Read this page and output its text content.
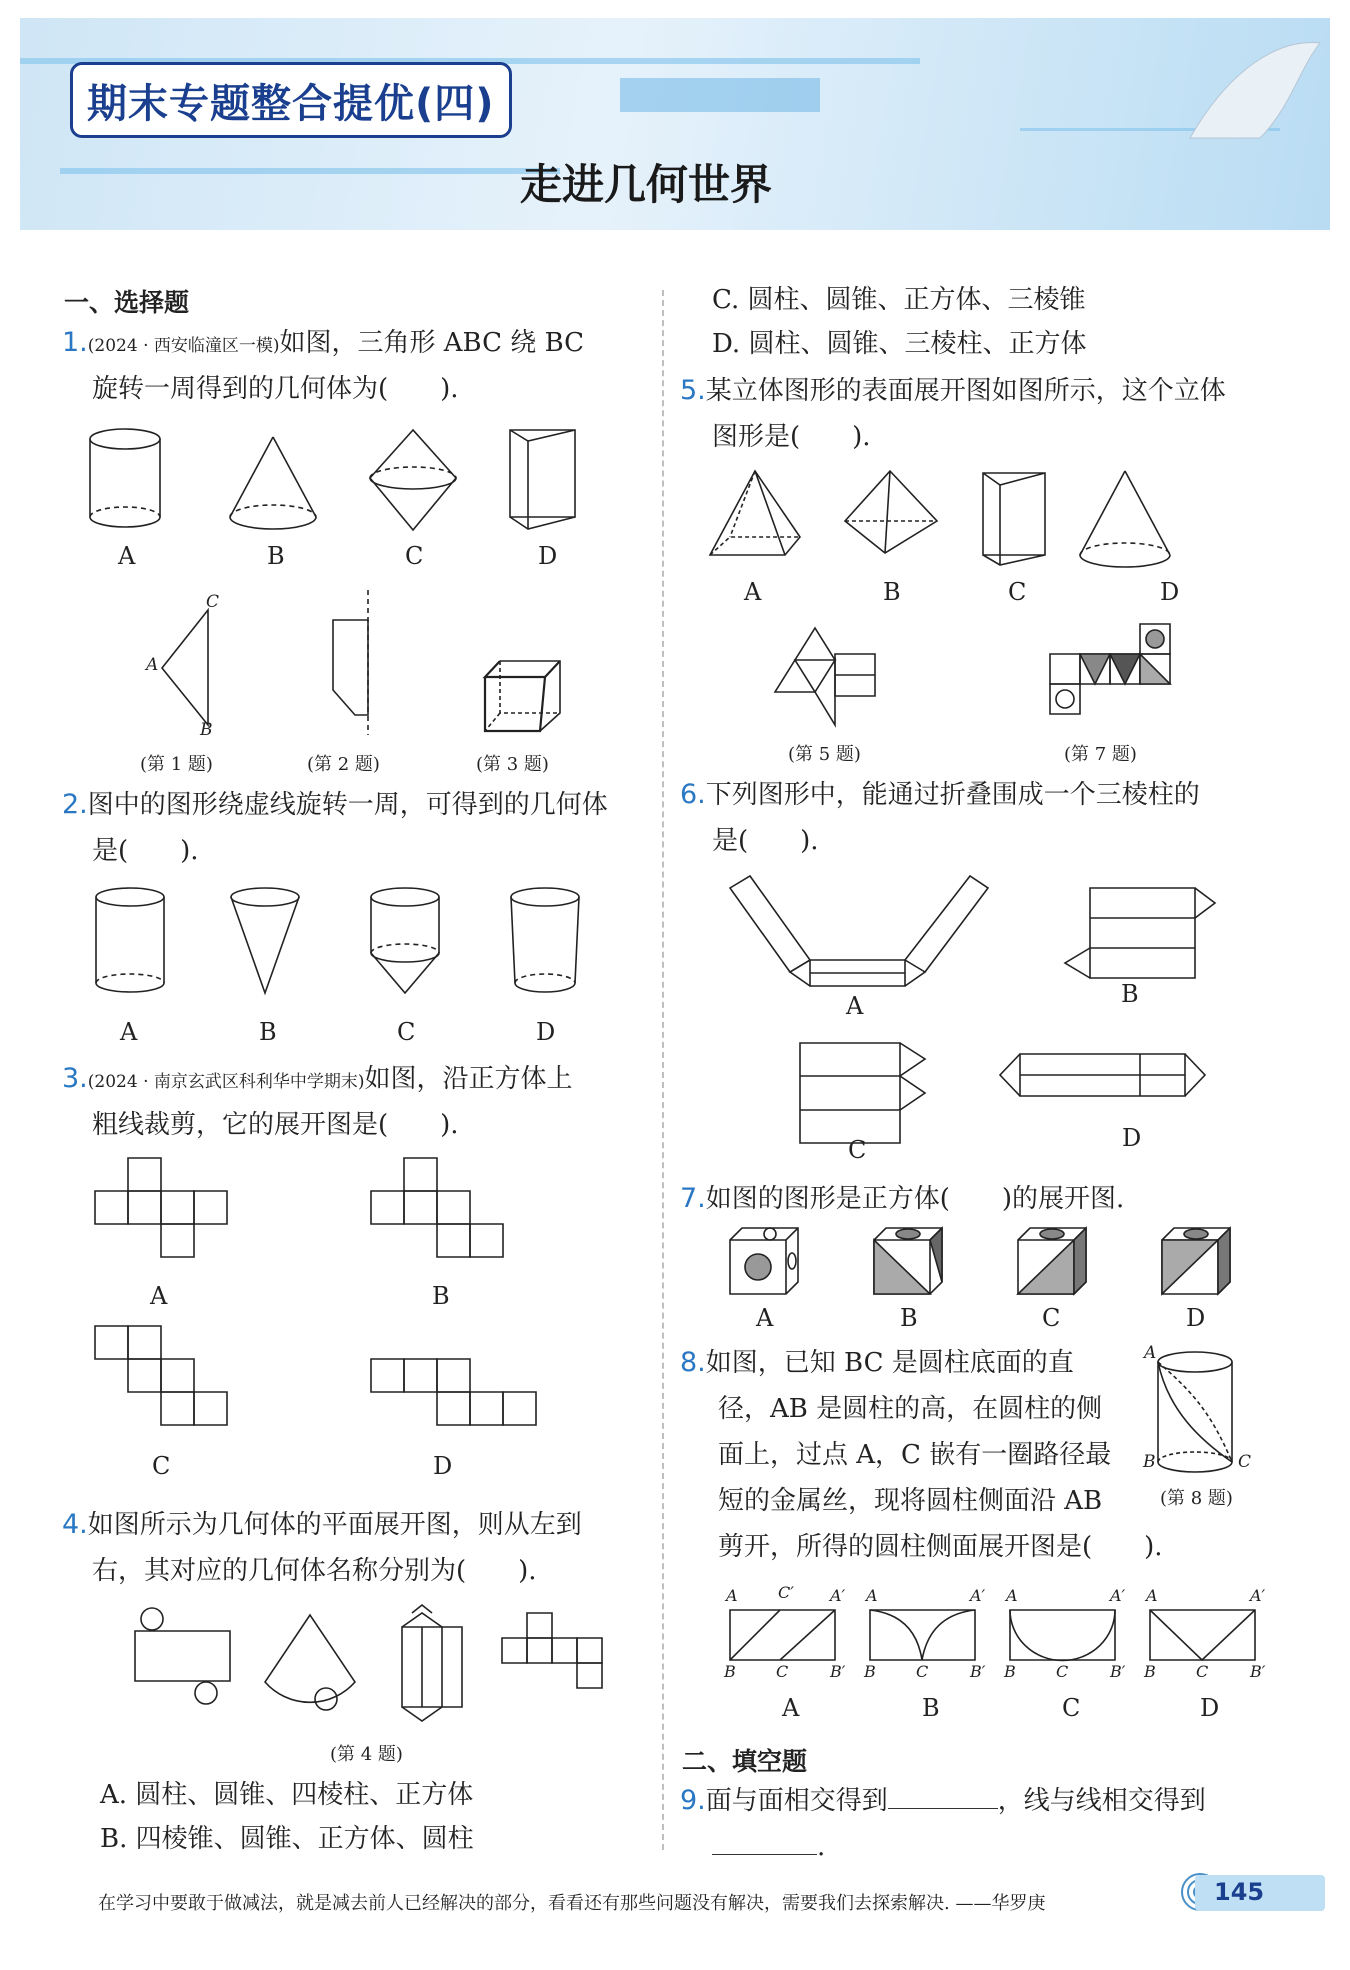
期末专题整合提优(四)
走进几何世界
一、选择题
1.(2024 · 西安临潼区一模)如图，三角形 ABC 绕 BC
旋转一周得到的几何体为(　　).
A	B	C	D
C
A
B
(第 1 题)	(第 2 题)	(第 3 题)
2.图中的图形绕虚线旋转一周，可得到的几何体
是(　　).
A	B	C	D
3.(2024 · 南京玄武区科利华中学期末)如图，沿正方体上
粗线裁剪，它的展开图是(　　).
A	B
C	D
4.如图所示为几何体的平面展开图，则从左到
右，其对应的几何体名称分别为(　　).
(第 4 题)
A. 圆柱、圆锥、四棱柱、正方体
B. 四棱锥、圆锥、正方体、圆柱
C. 圆柱、圆锥、正方体、三棱锥
D. 圆柱、圆锥、三棱柱、正方体
5.某立体图形的表面展开图如图所示，这个立体
图形是(　　).
A	B	C	D
(第 5 题)	(第 7 题)
6.下列图形中，能通过折叠围成一个三棱柱的
是(　　).
A	B
C	D
7.如图的图形是正方体(　　)的展开图.
A	B	C	D
8.如图，已知 BC 是圆柱底面的直
径，AB 是圆柱的高，在圆柱的侧
面上，过点 A，C 嵌有一圈路径最
短的金属丝，现将圆柱侧面沿 AB
剪开，所得的圆柱侧面展开图是(　　).
A
B	C
(第 8 题)
A	C′ A′
B	C	B′
A	A′
B	C	B′
A	A′
B	C	B′
A	A′
B	C	B′
A	B	C	D
二、填空题
9.面与面相交得到	，线与线相交得到
.
在学习中要敢于做减法，就是减去前人已经解决的部分，看看还有那些问题没有解决，需要我们去探索解决. ——华罗庚	145
